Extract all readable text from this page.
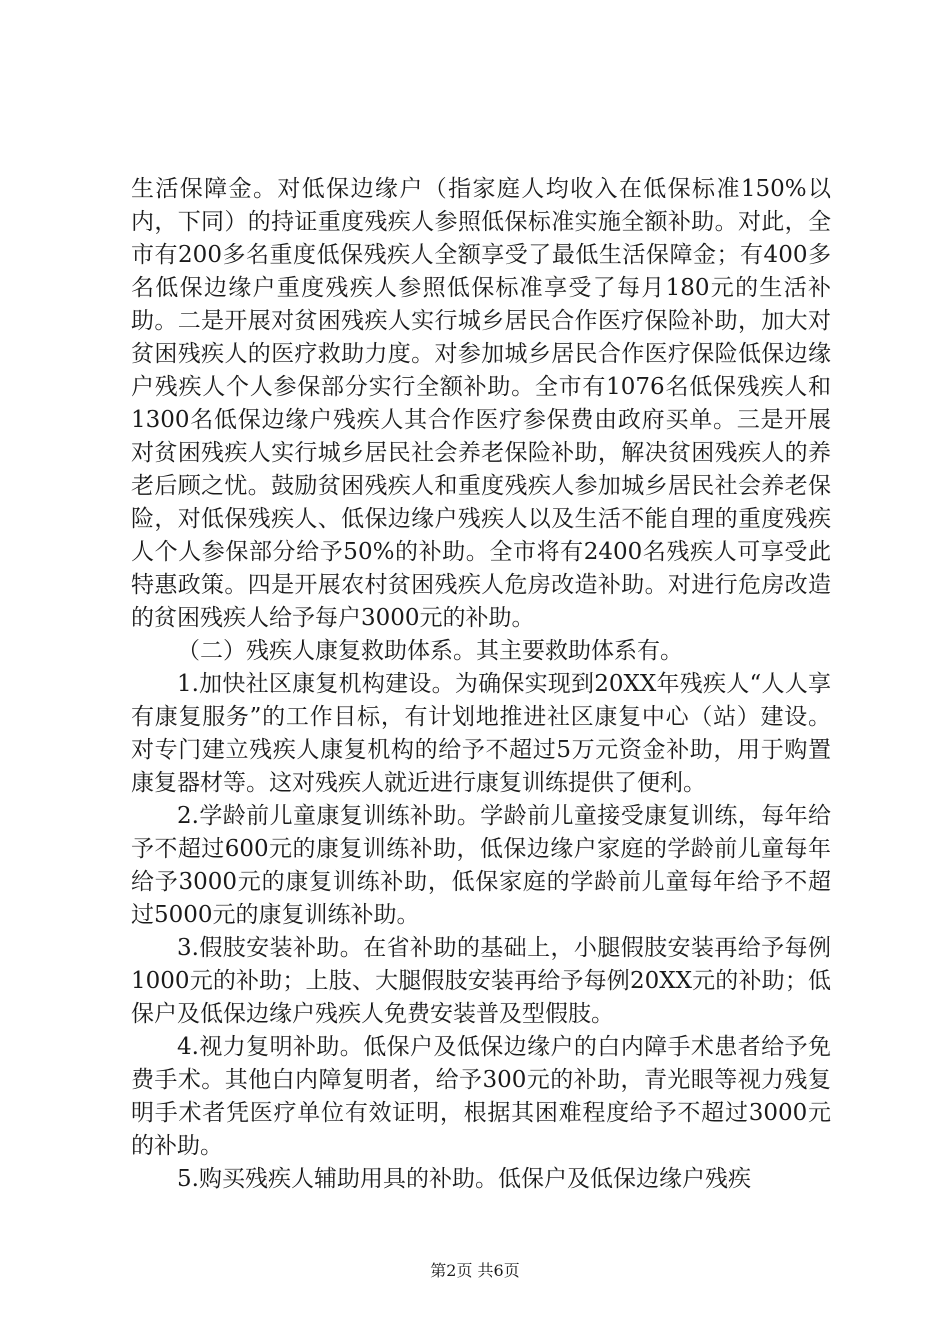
生活保障金。对低保边缘户（指家庭人均收入在低保标准150%以内，下同）的持证重度残疾人参照低保标准实施全额补助。对此，全市有200多名重度低保残疾人全额享受了最低生活保障金；有400多名低保边缘户重度残疾人参照低保标准享受了每月180元的生活补助。二是开展对贫困残疾人实行城乡居民合作医疗保险补助，加大对贫困残疾人的医疗救助力度。对参加城乡居民合作医疗保险低保边缘户残疾人个人参保部分实行全额补助。全市有1076名低保残疾人和1300名低保边缘户残疾人其合作医疗参保费由政府买单。三是开展对贫困残疾人实行城乡居民社会养老保险补助，解决贫困残疾人的养老后顾之忧。鼓励贫困残疾人和重度残疾人参加城乡居民社会养老保险，对低保残疾人、低保边缘户残疾人以及生活不能自理的重度残疾人个人参保部分给予50%的补助。全市将有2400名残疾人可享受此特惠政策。四是开展农村贫困残疾人危房改造补助。对进行危房改造的贫困残疾人给予每户3000元的补助。

（二）残疾人康复救助体系。其主要救助体系有。

1.加快社区康复机构建设。为确保实现到20XX年残疾人“人人享有康复服务”的工作目标，有计划地推进社区康复中心（站）建设。对专门建立残疾人康复机构的给予不超过5万元资金补助，用于购置康复器材等。这对残疾人就近进行康复训练提供了便利。

2.学龄前儿童康复训练补助。学龄前儿童接受康复训练，每年给予不超过600元的康复训练补助，低保边缘户家庭的学龄前儿童每年给予3000元的康复训练补助，低保家庭的学龄前儿童每年给予不超过5000元的康复训练补助。

3.假肢安装补助。在省补助的基础上，小腿假肢安装再给予每例1000元的补助；上肢、大腿假肢安装再给予每例20XX元的补助；低保户及低保边缘户残疾人免费安装普及型假肢。

4.视力复明补助。低保户及低保边缘户的白内障手术患者给予免费手术。其他白内障复明者，给予300元的补助，青光眼等视力残复明手术者凭医疗单位有效证明，根据其困难程度给予不超过3000元的补助。

5.购买残疾人辅助用具的补助。低保户及低保边缘户残疾

第2页 共6页
